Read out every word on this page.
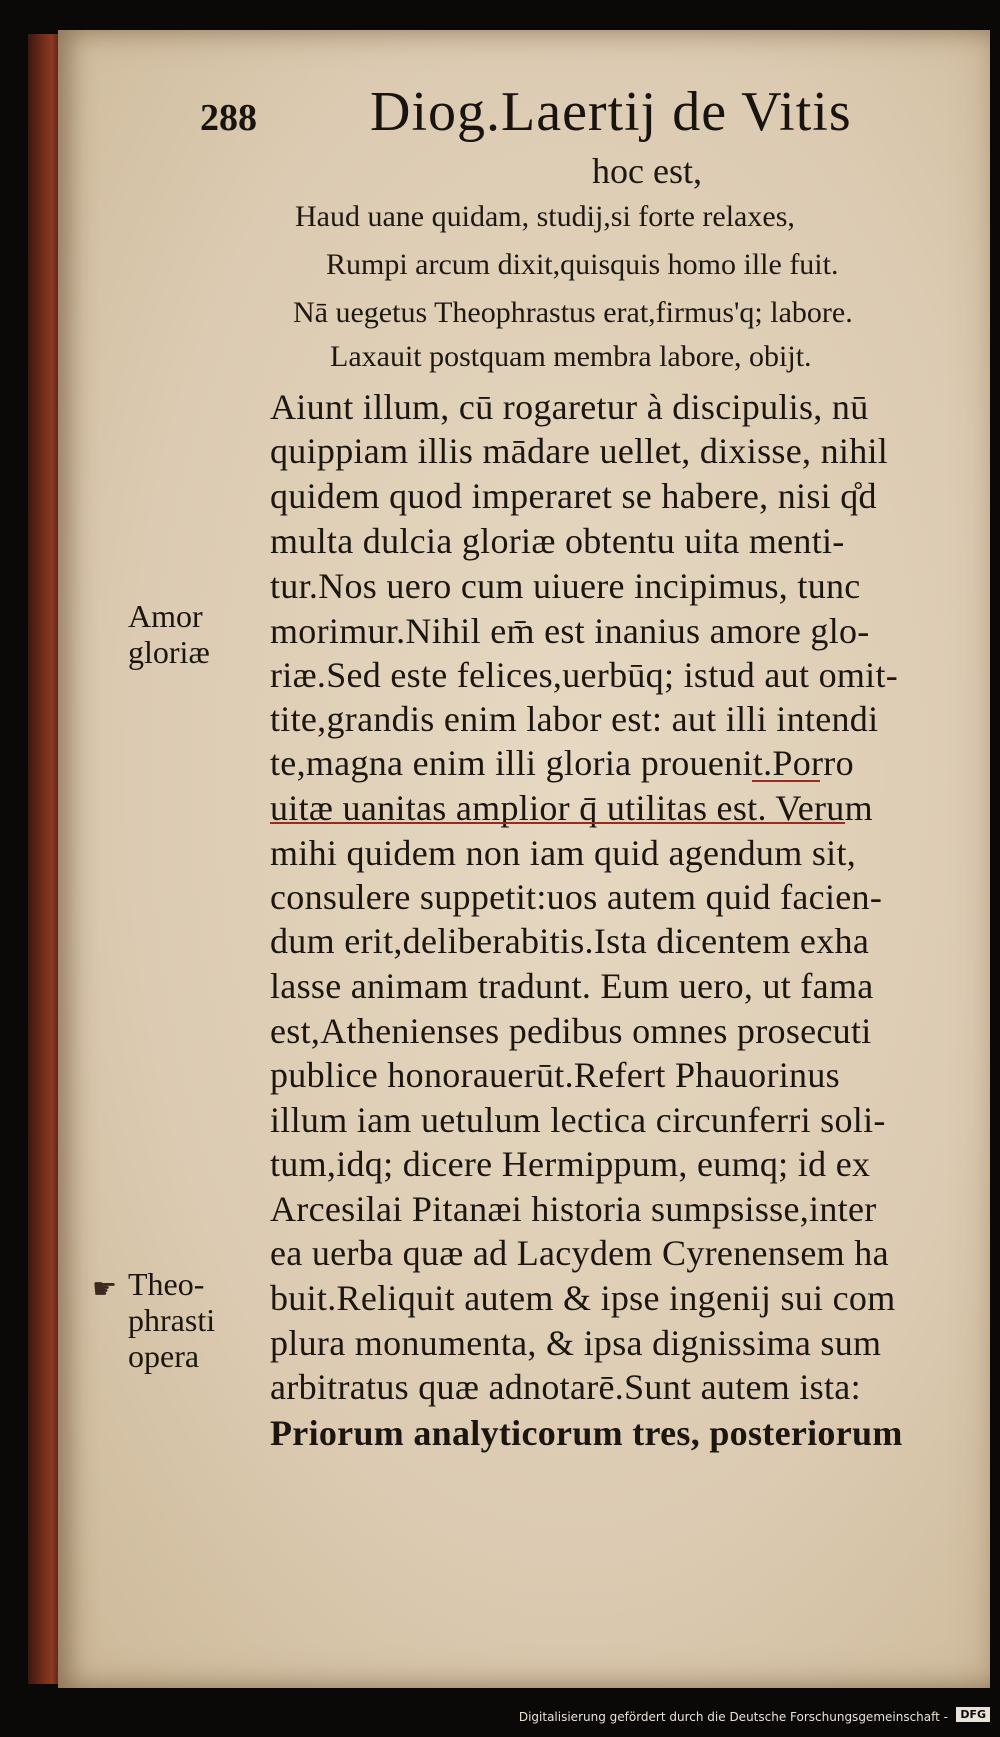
288 Diog.Laertij de Vitis
hoc est,
Haud uane quidam, studij,si forte relaxes,
Rumpi arcum dixit,quisquis homo ille fuit.
Nā uegetus Theophrastus erat,firmus'q; labore.
Laxauit postquam membra labore, obijt.
Aiunt illum, cū rogaretur à discipulis, nū
quippiam illis mādare uellet, dixisse, nihil
quidem quod imperaret se habere, nisi q̊d
multa dulcia gloriæ obtentu uita menti-
tur.Nos uero cum uiuere incipimus, tunc
morimur.Nihil em̄ est inanius amore glo-
riæ.Sed este felices,uerbūq; istud aut omit-
tite,grandis enim labor est: aut illi intendi
te,magna enim illi gloria prouenit.Porro
uitæ uanitas amplior q̄ utilitas est. Verum
mihi quidem non iam quid agendum sit,
consulere suppetit:uos autem quid facien-
dum erit,deliberabitis.Ista dicentem exha
lasse animam tradunt. Eum uero, ut fama
est,Athenienses pedibus omnes prosecuti
publice honorauerūt.Refert Phauorinus
illum iam uetulum lectica circunferri soli-
tum,idq; dicere Hermippum, eumq; id ex
Arcesilai Pitanæi historia sumpsisse,inter
ea uerba quæ ad Lacydem Cyrenensem ha
buit.Reliquit autem & ipse ingenij sui com
plura monumenta, & ipsa dignissima sum
arbitratus quæ adnotarē.Sunt autem ista:
Priorum analyticorum tres, posteriorum
Amor
gloriæ
☛ Theo-
phrasti
opera
Digitalisierung gefördert durch die Deutsche Forschungsgemeinschaft -	DFG
